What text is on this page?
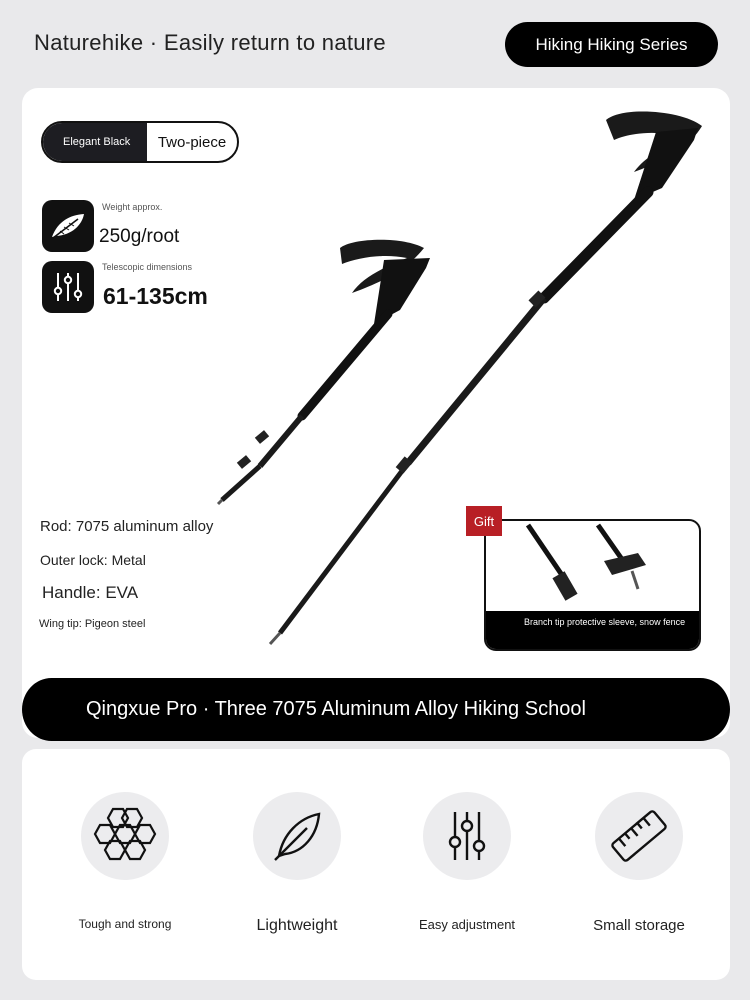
Naturehike · Easily return to nature	Hiking Hiking Series
Elegant Black	Two-piece
Weight approx.
250g/root
Telescopic dimensions
61-135cm
Rod: 7075 aluminum alloy
Outer lock: Metal
Handle: EVA
Wing tip: Pigeon steel	Branch tip protective sleeve, snow fence
Gift
Qingxue Pro · Three 7075 Aluminum Alloy Hiking School
Tough and strong	Lightweight	Easy adjustment	Small storage
